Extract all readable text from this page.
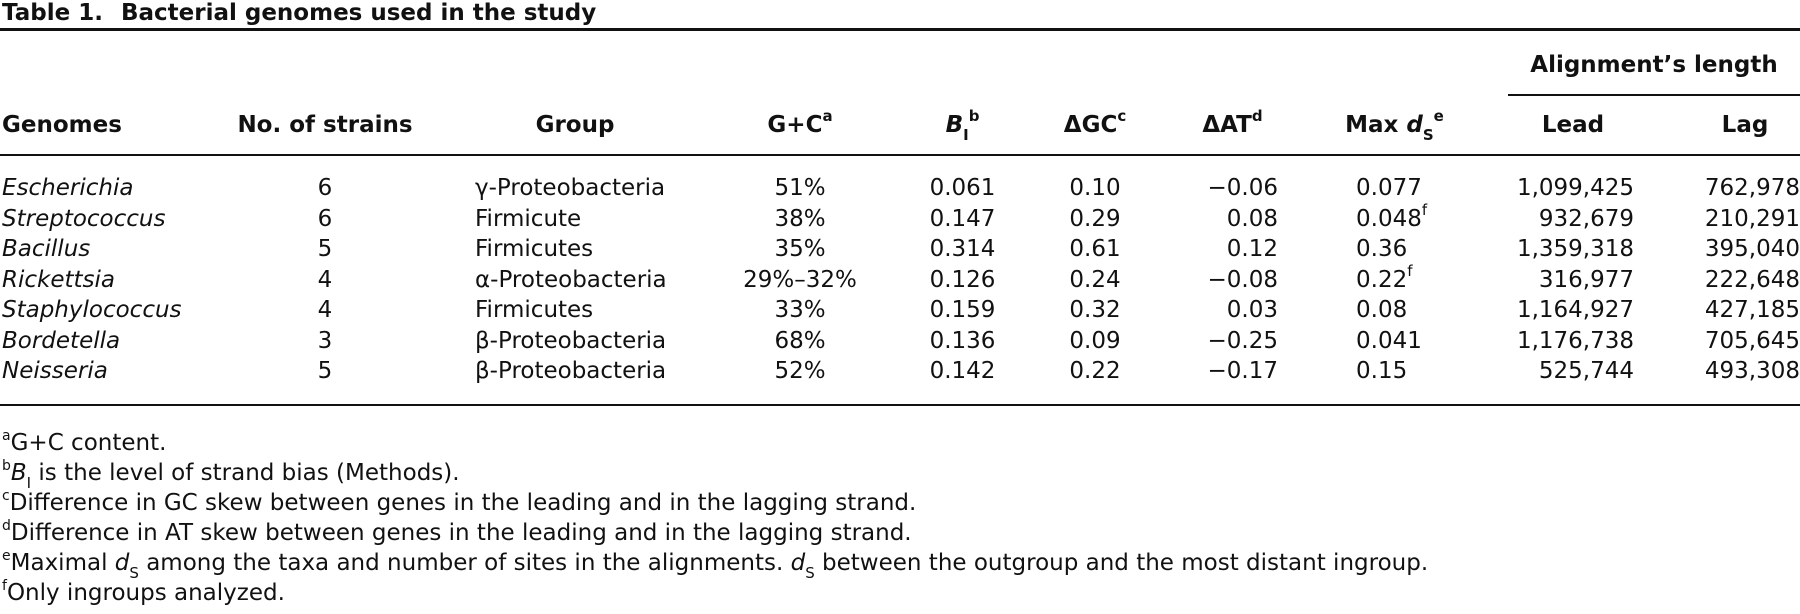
Table 1. Bacterial genomes used in the study
Alignment’s length
Genomes	No. of strains	Group	$G+C^a$	$B_I^b$	ΔGC$^c$	ΔAT$^d$	Max $d_S^e$	Lead	Lag
Escherichia	6	γ-Proteobacteria	51%	0.061	0.10	−0.06	0.077	1,099,425	762,978
Streptococcus	6	Firmicute	38%	0.147	0.29	0.08	0.048$^f$	932,679	210,291
Bacillus	5	Firmicutes	35%	0.314	0.61	0.12	0.36	1,359,318	395,040
Rickettsia	4	α-Proteobacteria	29%–32%	0.126	0.24	−0.08	0.22$^f$	316,977	222,648
Staphylococcus	4	Firmicutes	33%	0.159	0.32	0.03	0.08	1,164,927	427,185
Bordetella	3	β-Proteobacteria	68%	0.136	0.09	−0.25	0.041	1,176,738	705,645
Neisseria	5	β-Proteobacteria	52%	0.142	0.22	−0.17	0.15	525,744	493,308
$^a$G+C content.
$^bB_I$ is the level of strand bias (Methods).
$^c$Difference in GC skew between genes in the leading and in the lagging strand.
$^d$Difference in AT skew between genes in the leading and in the lagging strand.
$^e$Maximal $d_S$ among the taxa and number of sites in the alignments. $d_S$ between the outgroup and the most distant ingroup.
$^f$Only ingroups analyzed.
